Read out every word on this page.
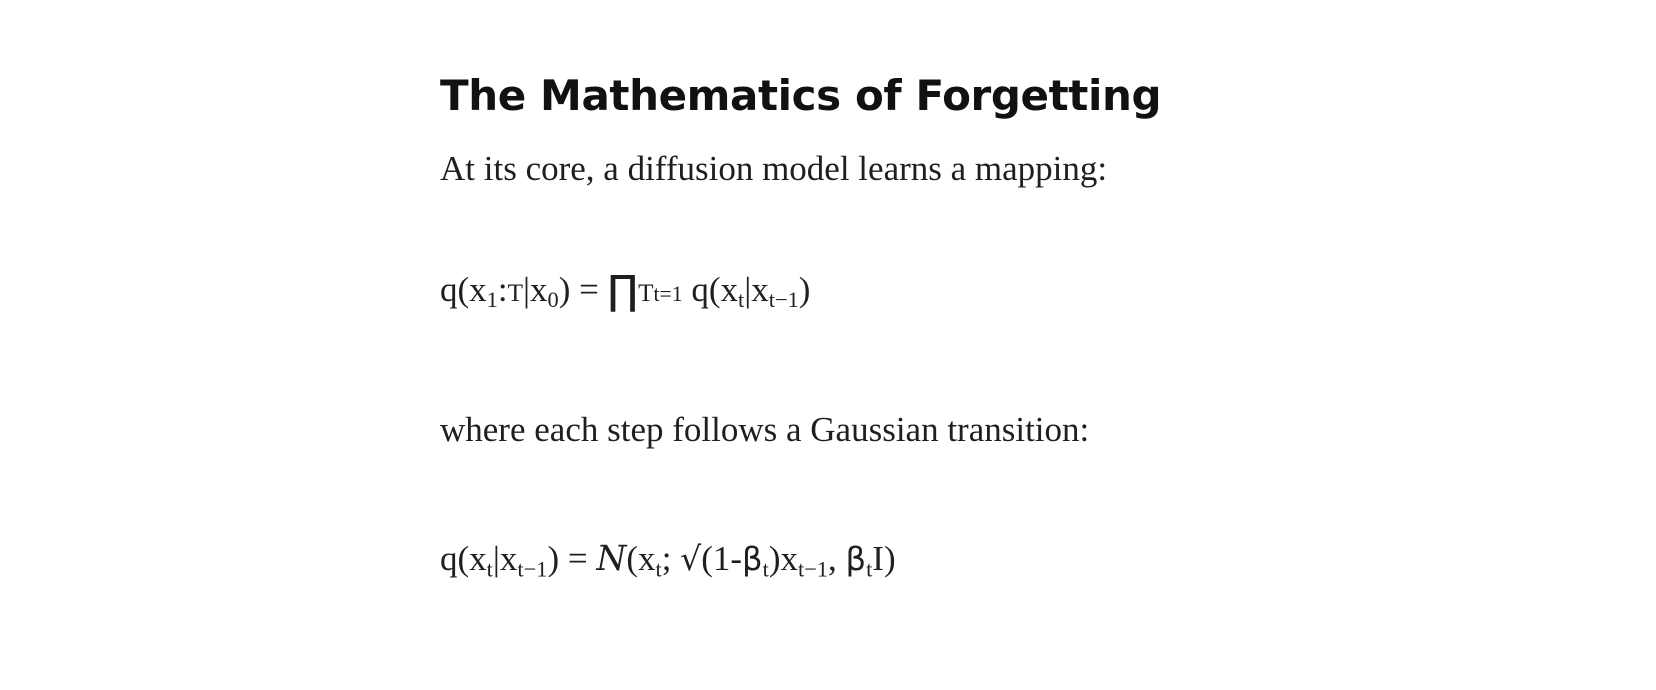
The Mathematics of Forgetting

At its core, a diffusion model learns a mapping:

$q(x_1:T|x_0)$ = ∏Tt=1 $q(x_t|x_{t-1})$

where each step follows a Gaussian transition:

$q(x_t|x_{t-1}) = N(x_t$; $√(1-\beta_t)x_{t-1}$, $\beta_tI$)
